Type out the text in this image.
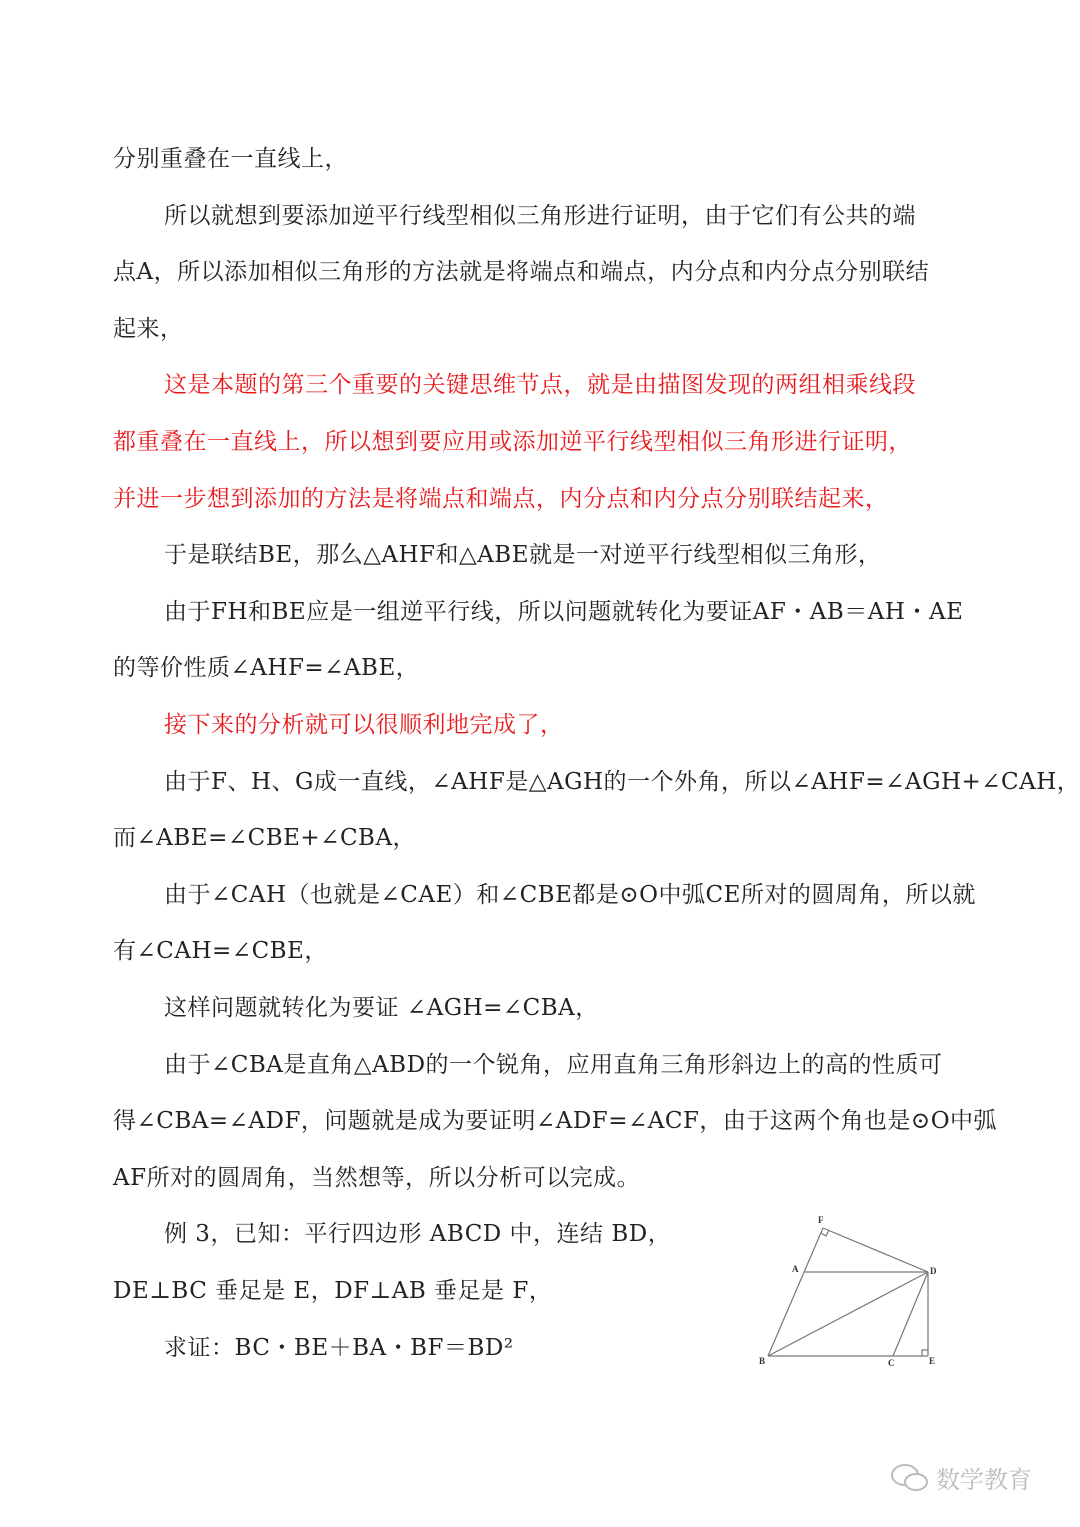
分别重叠在一直线上，
所以就想到要添加逆平行线型相似三角形进行证明，由于它们有公共的端
点A，所以添加相似三角形的方法就是将端点和端点，内分点和内分点分别联结
起来，
这是本题的第三个重要的关键思维节点，就是由描图发现的两组相乘线段
都重叠在一直线上，所以想到要应用或添加逆平行线型相似三角形进行证明，
并进一步想到添加的方法是将端点和端点，内分点和内分点分别联结起来，
于是联结BE，那么△AHF和△ABE就是一对逆平行线型相似三角形，
由于FH和BE应是一组逆平行线，所以问题就转化为要证AF・AB＝AH・AE
的等价性质∠AHF=∠ABE，
接下来的分析就可以很顺利地完成了，
由于F、H、G成一直线，∠AHF是△AGH的一个外角，所以∠AHF=∠AGH+∠CAH，
而∠ABE=∠CBE+∠CBA，
由于∠CAH（也就是∠CAE）和∠CBE都是⊙O中弧CE所对的圆周角，所以就
有∠CAH=∠CBE，
这样问题就转化为要证 ∠AGH=∠CBA，
由于∠CBA是直角△ABD的一个锐角，应用直角三角形斜边上的高的性质可
得∠CBA=∠ADF，问题就是成为要证明∠ADF=∠ACF，由于这两个角也是⊙O中弧
AF所对的圆周角，当然想等，所以分析可以完成。
例 3，已知：平行四边形 ABCD 中，连结 BD，
DE⊥BC 垂足是 E，DF⊥AB 垂足是 F，
求证：BC・BE＋BA・BF＝BD²
F
A	D
B	C	E
数学教育
